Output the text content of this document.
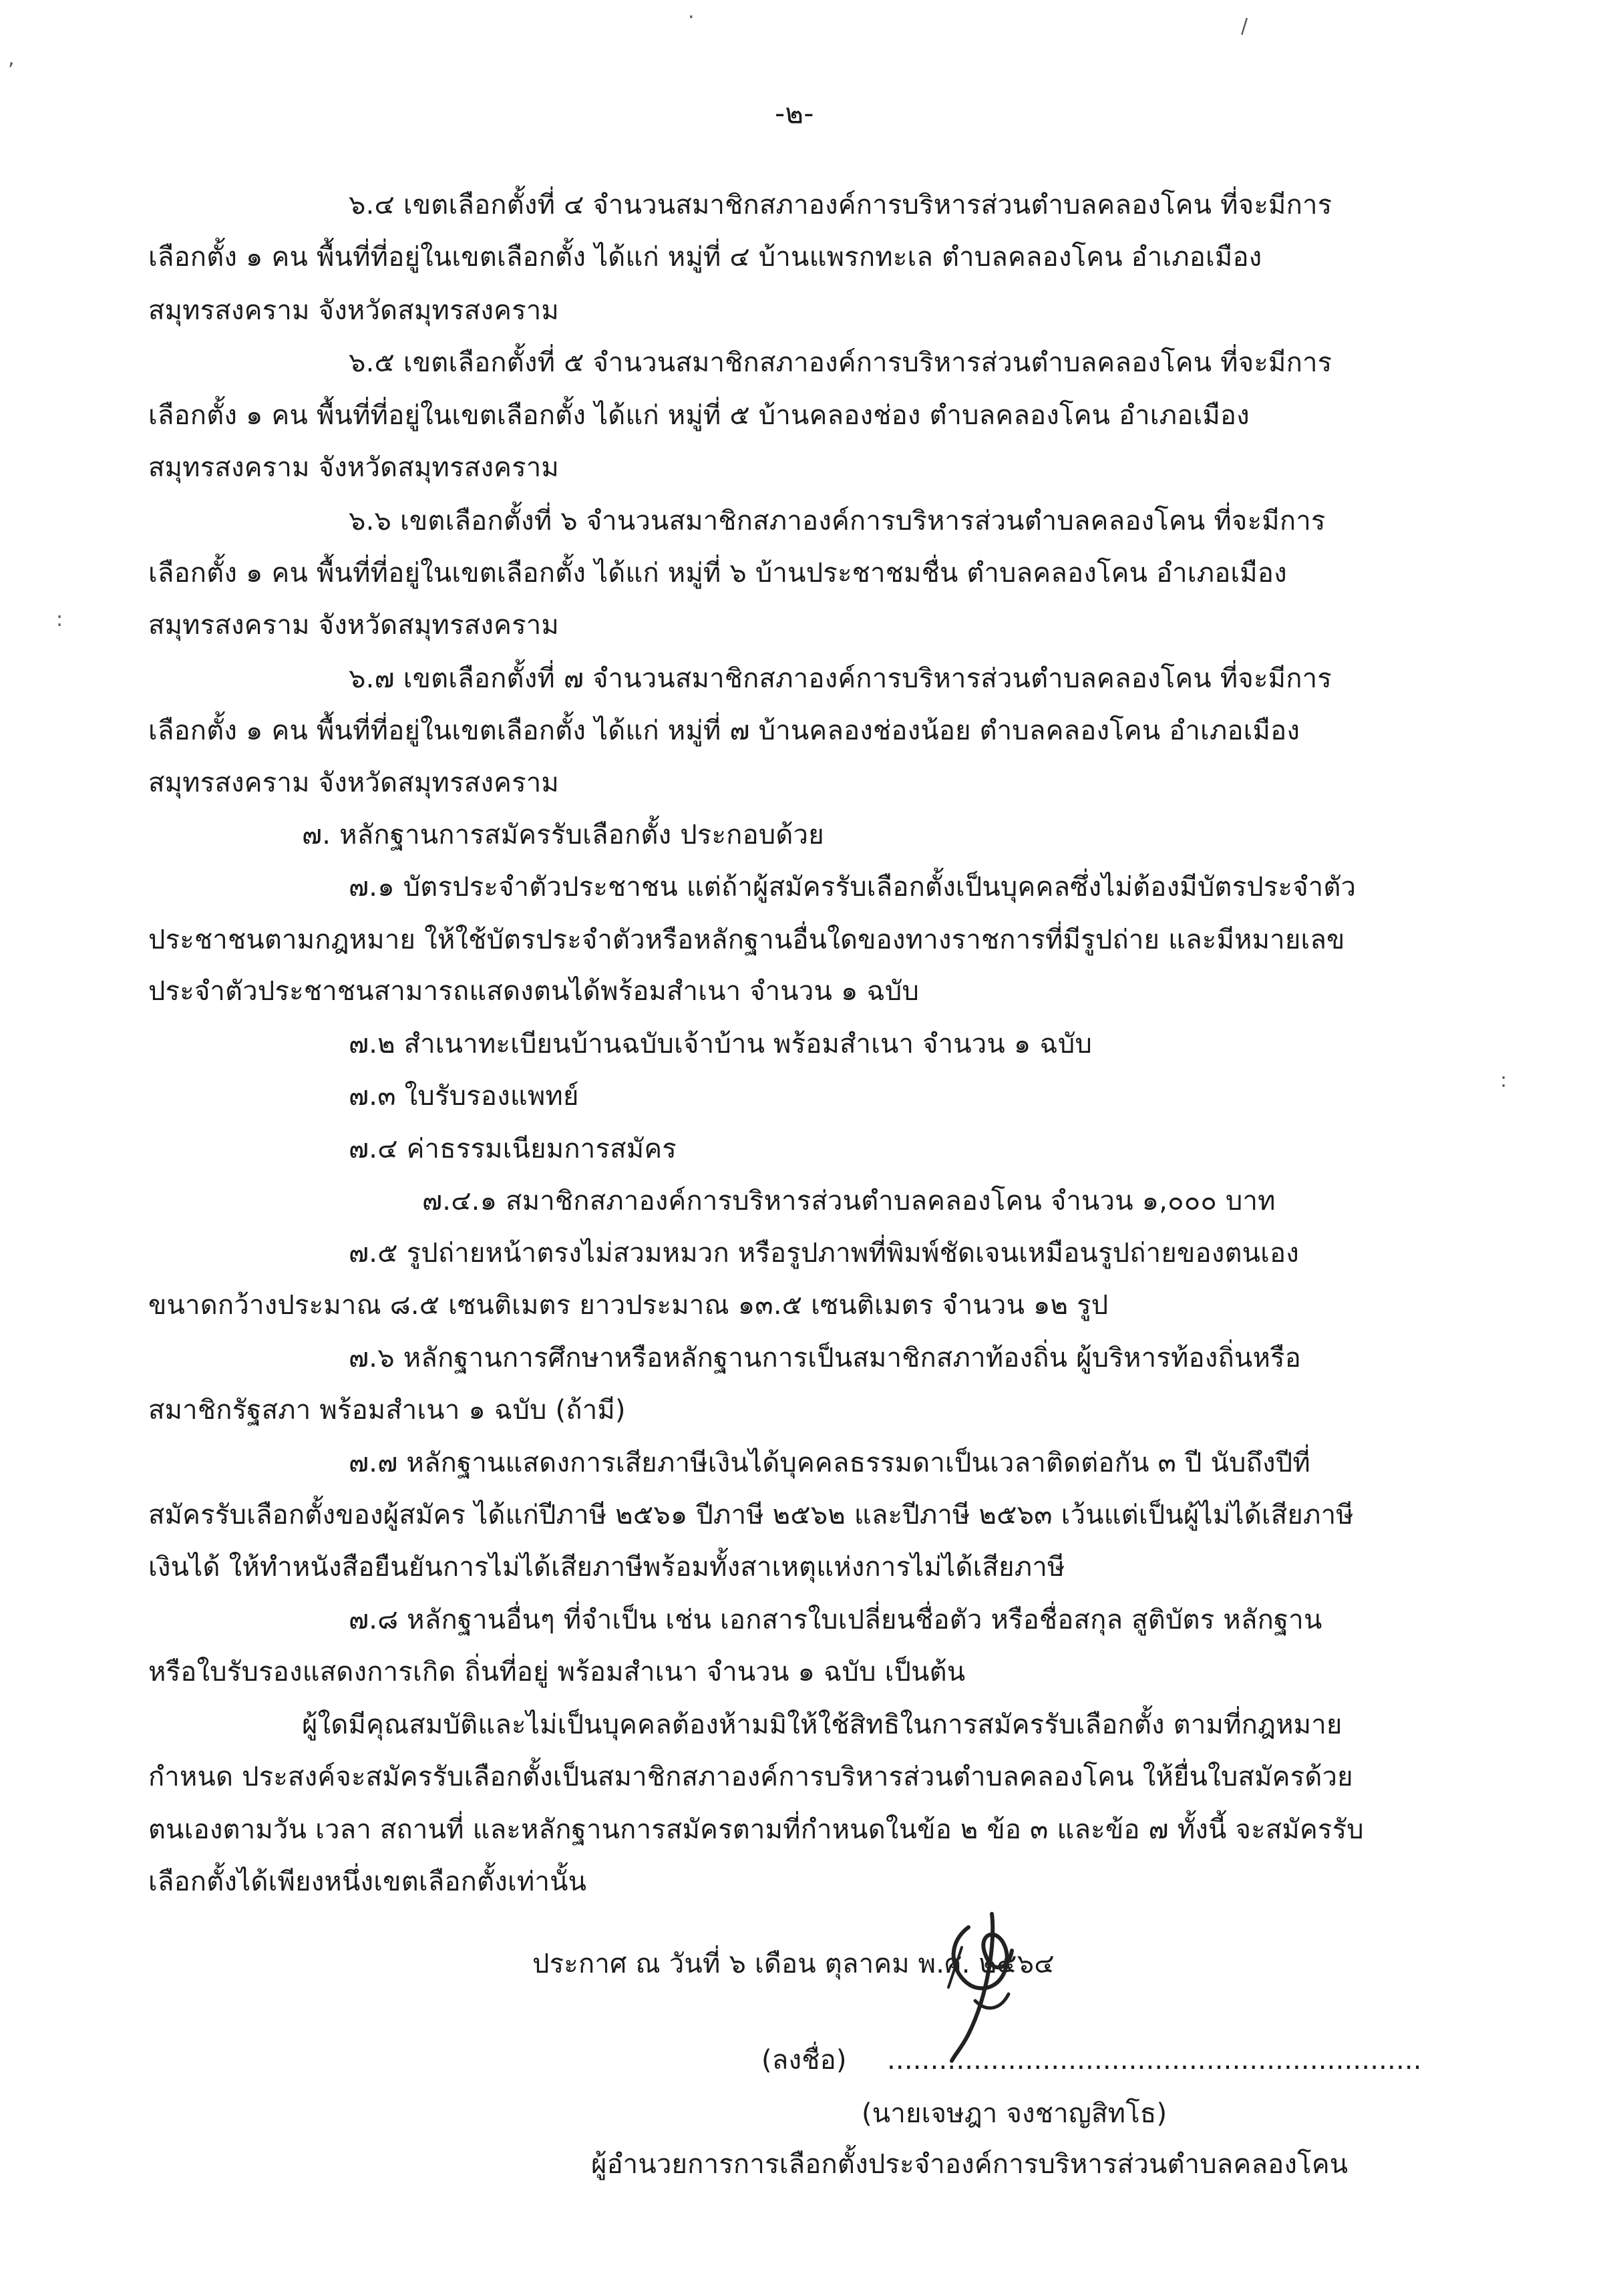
-๒-
๖.๔ เขตเลือกตั้งที่ ๔ จำนวนสมาชิกสภาองค์การบริหารส่วนตำบลคลองโคน ที่จะมีการ
เลือกตั้ง ๑ คน พื้นที่ที่อยู่ในเขตเลือกตั้ง ได้แก่ หมู่ที่ ๔ บ้านแพรกทะเล ตำบลคลองโคน อำเภอเมือง
สมุทรสงคราม จังหวัดสมุทรสงคราม
๖.๕ เขตเลือกตั้งที่ ๕ จำนวนสมาชิกสภาองค์การบริหารส่วนตำบลคลองโคน ที่จะมีการ
เลือกตั้ง ๑ คน พื้นที่ที่อยู่ในเขตเลือกตั้ง ได้แก่ หมู่ที่ ๕ บ้านคลองช่อง ตำบลคลองโคน อำเภอเมือง
สมุทรสงคราม จังหวัดสมุทรสงคราม
๖.๖ เขตเลือกตั้งที่ ๖ จำนวนสมาชิกสภาองค์การบริหารส่วนตำบลคลองโคน ที่จะมีการ
เลือกตั้ง ๑ คน พื้นที่ที่อยู่ในเขตเลือกตั้ง ได้แก่ หมู่ที่ ๖ บ้านประชาชมชื่น ตำบลคลองโคน อำเภอเมือง
สมุทรสงคราม จังหวัดสมุทรสงคราม
๖.๗ เขตเลือกตั้งที่ ๗ จำนวนสมาชิกสภาองค์การบริหารส่วนตำบลคลองโคน ที่จะมีการ
เลือกตั้ง ๑ คน พื้นที่ที่อยู่ในเขตเลือกตั้ง ได้แก่ หมู่ที่ ๗ บ้านคลองช่องน้อย ตำบลคลองโคน อำเภอเมือง
สมุทรสงคราม จังหวัดสมุทรสงคราม
๗. หลักฐานการสมัครรับเลือกตั้ง ประกอบด้วย
๗.๑ บัตรประจำตัวประชาชน แต่ถ้าผู้สมัครรับเลือกตั้งเป็นบุคคลซึ่งไม่ต้องมีบัตรประจำตัว
ประชาชนตามกฎหมาย ให้ใช้บัตรประจำตัวหรือหลักฐานอื่นใดของทางราชการที่มีรูปถ่าย และมีหมายเลข
ประจำตัวประชาชนสามารถแสดงตนได้พร้อมสำเนา จำนวน ๑ ฉบับ
๗.๒ สำเนาทะเบียนบ้านฉบับเจ้าบ้าน พร้อมสำเนา จำนวน ๑ ฉบับ
๗.๓ ใบรับรองแพทย์
๗.๔ ค่าธรรมเนียมการสมัคร
๗.๔.๑ สมาชิกสภาองค์การบริหารส่วนตำบลคลองโคน จำนวน ๑,๐๐๐ บาท
๗.๕ รูปถ่ายหน้าตรงไม่สวมหมวก หรือรูปภาพที่พิมพ์ชัดเจนเหมือนรูปถ่ายของตนเอง
ขนาดกว้างประมาณ ๘.๕ เซนติเมตร ยาวประมาณ ๑๓.๕ เซนติเมตร จำนวน ๑๒ รูป
๗.๖ หลักฐานการศึกษาหรือหลักฐานการเป็นสมาชิกสภาท้องถิ่น ผู้บริหารท้องถิ่นหรือ
สมาชิกรัฐสภา พร้อมสำเนา ๑ ฉบับ (ถ้ามี)
๗.๗ หลักฐานแสดงการเสียภาษีเงินได้บุคคลธรรมดาเป็นเวลาติดต่อกัน ๓ ปี นับถึงปีที่
สมัครรับเลือกตั้งของผู้สมัคร ได้แก่ปีภาษี ๒๕๖๑ ปีภาษี ๒๕๖๒ และปีภาษี ๒๕๖๓ เว้นแต่เป็นผู้ไม่ได้เสียภาษี
เงินได้ ให้ทำหนังสือยืนยันการไม่ได้เสียภาษีพร้อมทั้งสาเหตุแห่งการไม่ได้เสียภาษี
๗.๘ หลักฐานอื่นๆ ที่จำเป็น เช่น เอกสารใบเปลี่ยนชื่อตัว หรือชื่อสกุล สูติบัตร หลักฐาน
หรือใบรับรองแสดงการเกิด ถิ่นที่อยู่ พร้อมสำเนา จำนวน ๑ ฉบับ เป็นต้น
ผู้ใดมีคุณสมบัติและไม่เป็นบุคคลต้องห้ามมิให้ใช้สิทธิในการสมัครรับเลือกตั้ง ตามที่กฎหมาย
กำหนด ประสงค์จะสมัครรับเลือกตั้งเป็นสมาชิกสภาองค์การบริหารส่วนตำบลคลองโคน ให้ยื่นใบสมัครด้วย
ตนเองตามวัน เวลา สถานที่ และหลักฐานการสมัครตามที่กำหนดในข้อ ๒ ข้อ ๓ และข้อ ๗ ทั้งนี้ จะสมัครรับ
เลือกตั้งได้เพียงหนึ่งเขตเลือกตั้งเท่านั้น
ประกาศ ณ วันที่ ๖ เดือน ตุลาคม พ.ศ. ๒๕๖๔
(ลงชื่อ) ..............................................................
(นายเจษฎา จงชาญสิทโธ)
ผู้อำนวยการการเลือกตั้งประจำองค์การบริหารส่วนตำบลคลองโคน
,
/
.
:
:
